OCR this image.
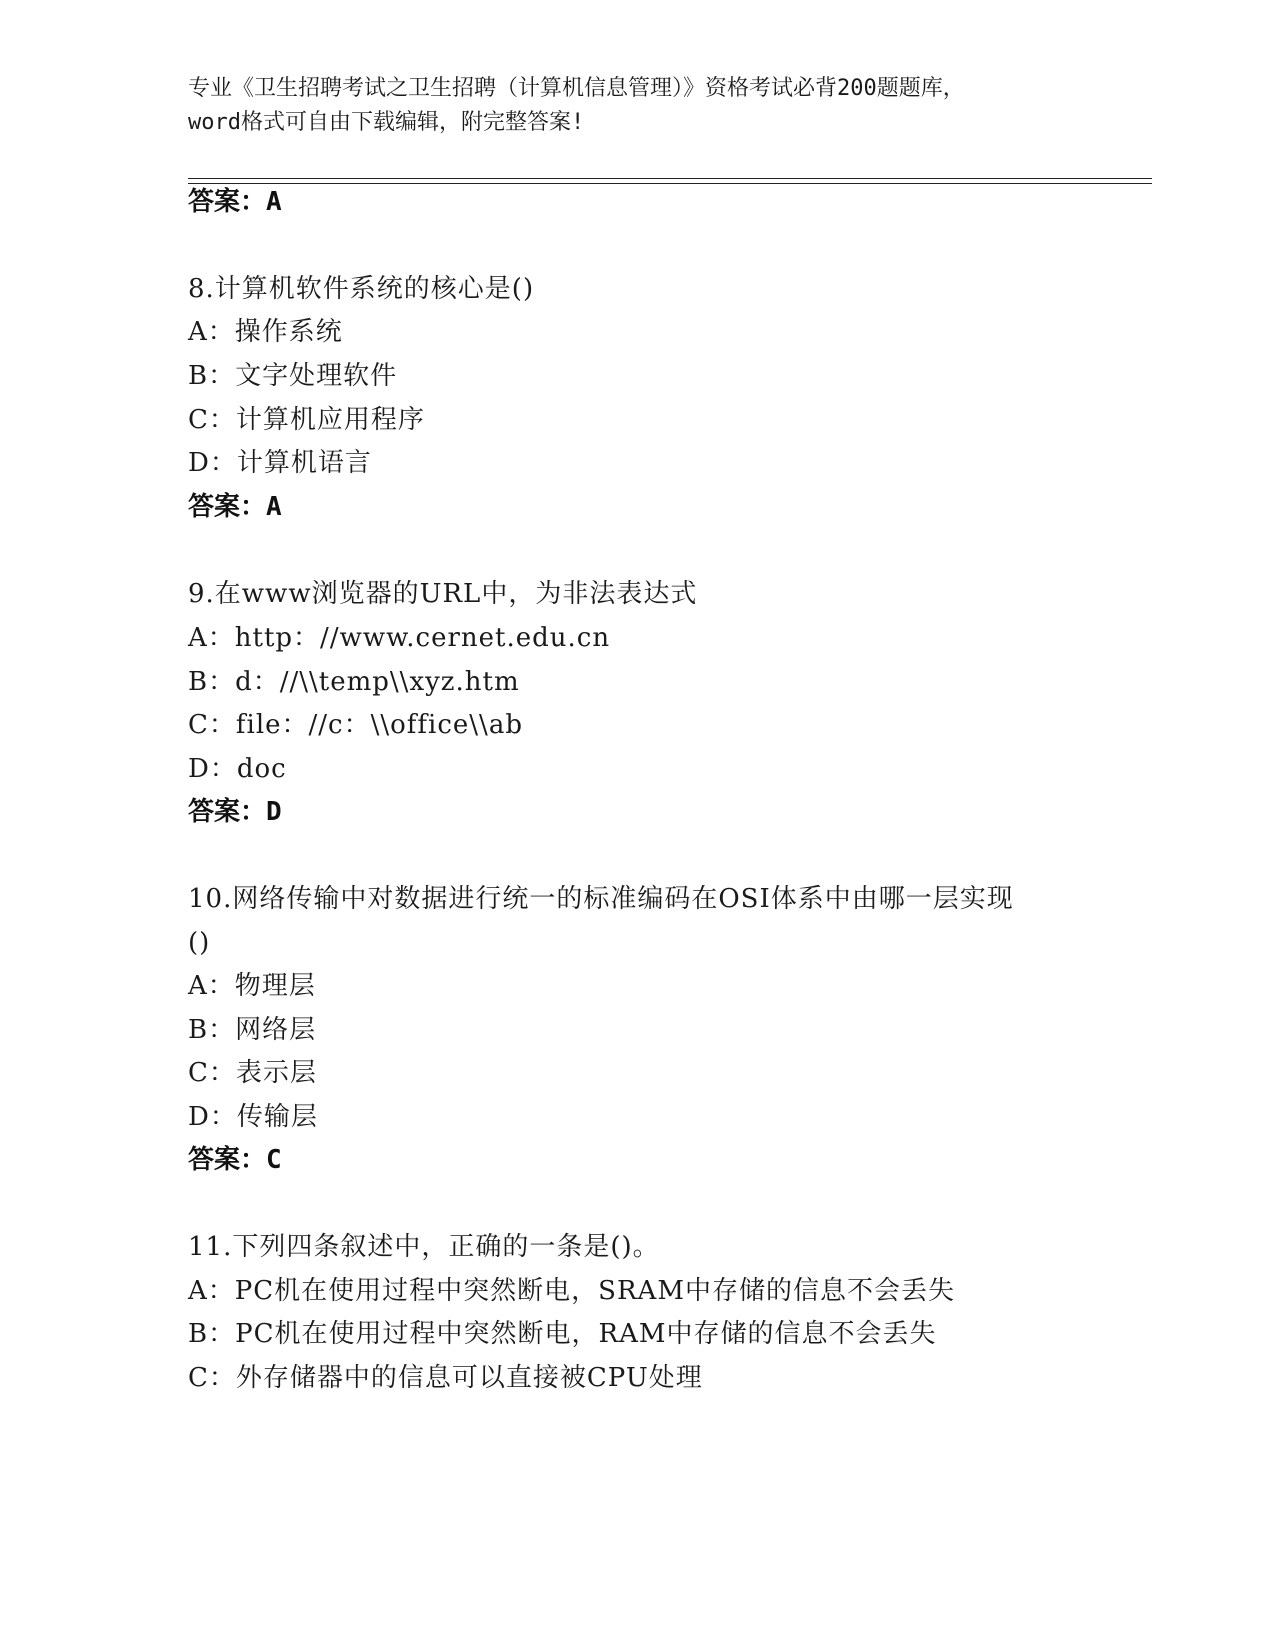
专业《卫生招聘考试之卫生招聘（计算机信息管理）》资格考试必背200题题库，
word格式可自由下载编辑，附完整答案!
答案：A
8.计算机软件系统的核心是()
A：操作系统
B：文字处理软件
C：计算机应用程序
D：计算机语言
答案：A
9.在www浏览器的URL中，为非法表达式
A：http：//www.cernet.edu.cn
B：d：//\\temp\\xyz.htm
C：file：//c：\\office\\ab
D：doc
答案：D
10.网络传输中对数据进行统一的标准编码在OSI体系中由哪一层实现
()
A：物理层
B：网络层
C：表示层
D：传输层
答案：C
11.下列四条叙述中，正确的一条是()。
A：PC机在使用过程中突然断电，SRAM中存储的信息不会丢失
B：PC机在使用过程中突然断电，RAM中存储的信息不会丢失
C：外存储器中的信息可以直接被CPU处理
